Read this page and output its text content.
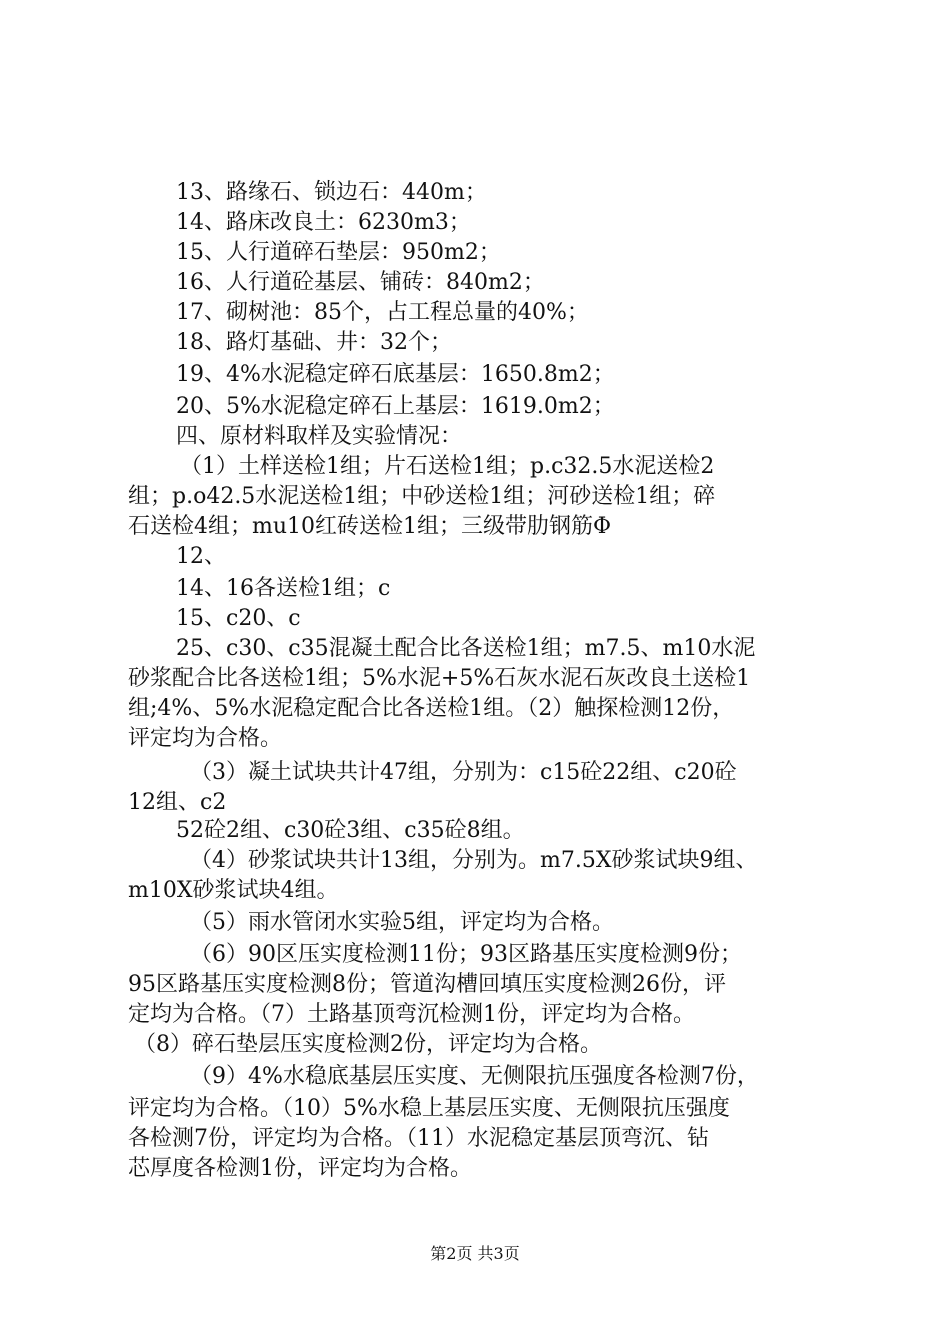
13、路缘石、锁边石：440m；
14、路床改良土：6230m3；
15、人行道碎石垫层：950m2；
16、人行道砼基层、铺砖：840m2；
17、砌树池：85个，占工程总量的40%；
18、路灯基础、井：32个；
19、4%水泥稳定碎石底基层：1650.8m2；
20、5%水泥稳定碎石上基层：1619.0m2；
四、原材料取样及实验情况：
（1）土样送检1组；片石送检1组；p.c32.5水泥送检2
组；p.o42.5水泥送检1组；中砂送检1组；河砂送检1组；碎
石送检4组；mu10红砖送检1组；三级带肋钢筋Φ
12、
14、16各送检1组；c
15、c20、c
25、c30、c35混凝土配合比各送检1组；m7.5、m10水泥
砂浆配合比各送检1组；5%水泥+5%石灰水泥石灰改良土送检1
组;4%、5%水泥稳定配合比各送检1组。（2）触探检测12份，
评定均为合格。
（3）凝土试块共计47组，分别为：c15砼22组、c20砼
12组、c2
52砼2组、c30砼3组、c35砼8组。
（4）砂浆试块共计13组，分别为。m7.5X砂浆试块9组、
m10X砂浆试块4组。
（5）雨水管闭水实验5组，评定均为合格。
（6）90区压实度检测11份；93区路基压实度检测9份；
95区路基压实度检测8份；管道沟槽回填压实度检测26份，评
定均为合格。（7）土路基顶弯沉检测1份，评定均为合格。
（8）碎石垫层压实度检测2份，评定均为合格。
（9）4%水稳底基层压实度、无侧限抗压强度各检测7份，
评定均为合格。（10）5%水稳上基层压实度、无侧限抗压强度
各检测7份，评定均为合格。（11）水泥稳定基层顶弯沉、钻
芯厚度各检测1份，评定均为合格。
第2页 共3页
